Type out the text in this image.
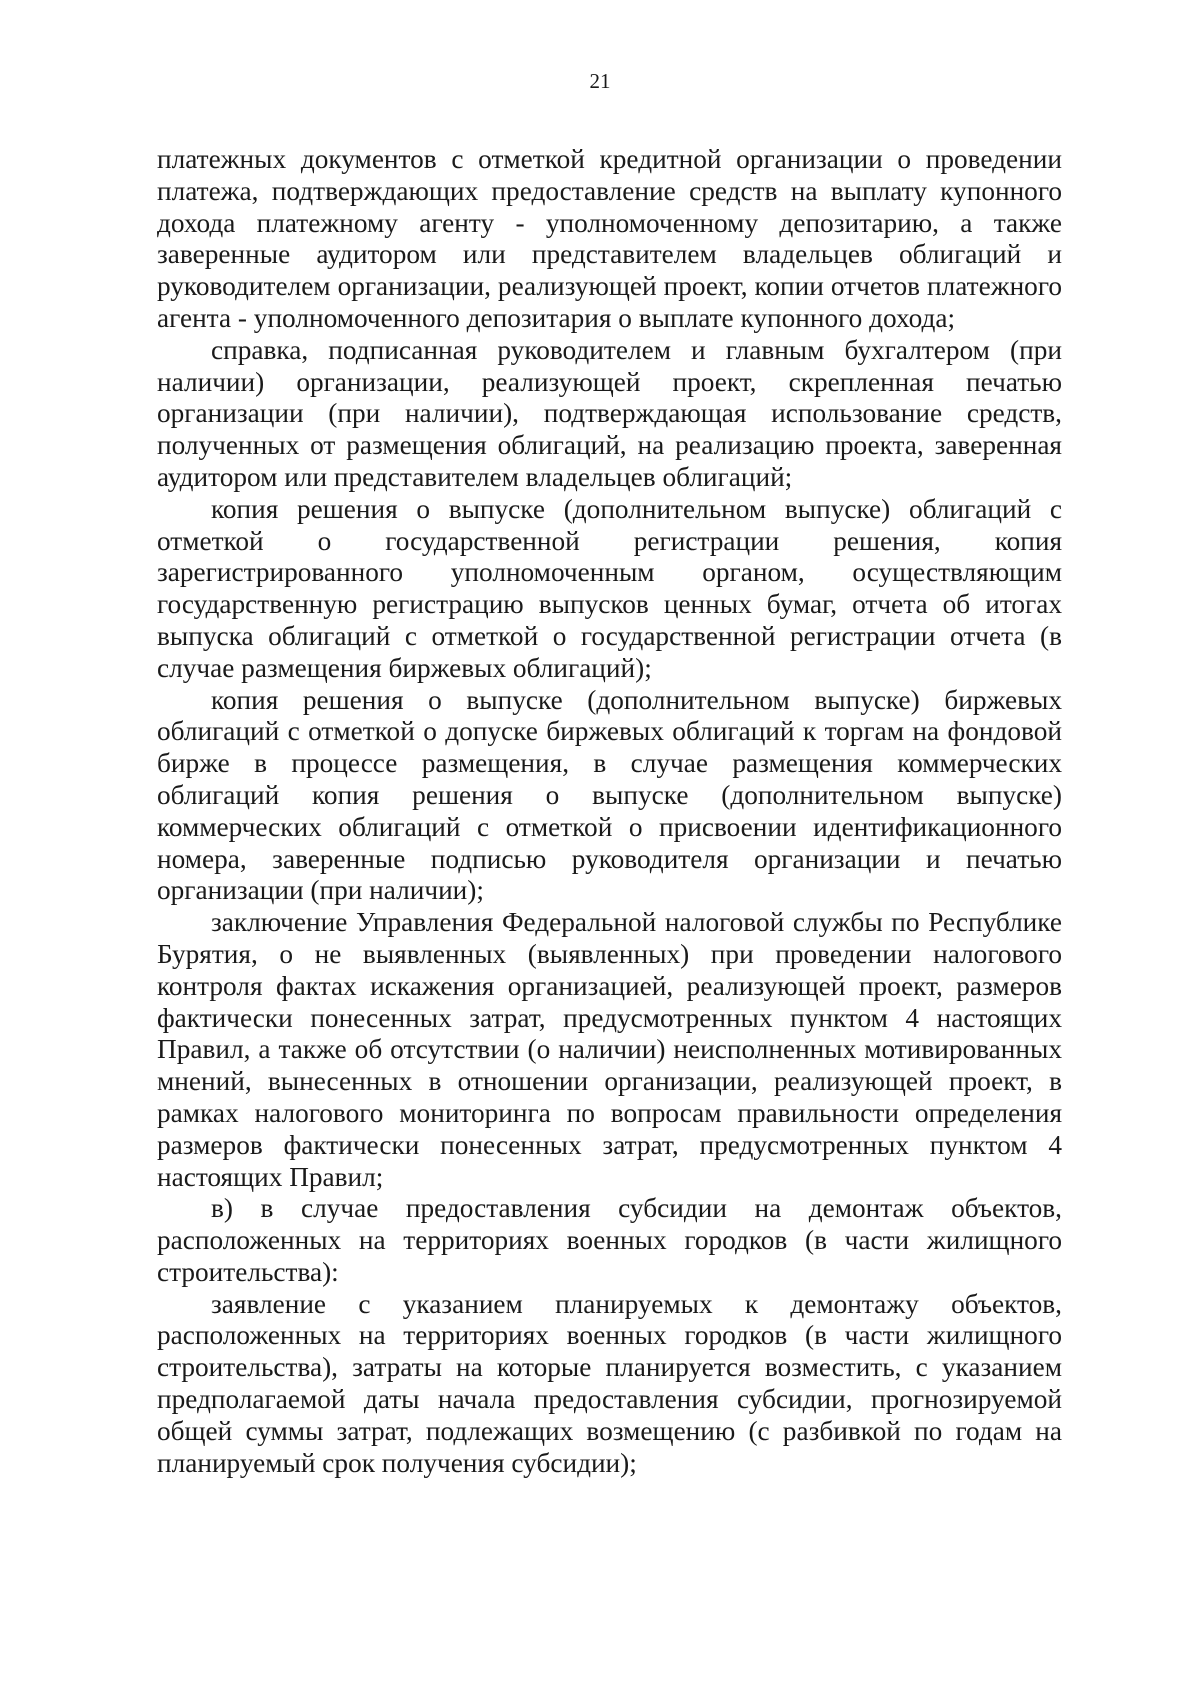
21

платежных документов с отметкой кредитной организации о проведении платежа, подтверждающих предоставление средств на выплату купонного дохода платежному агенту - уполномоченному депозитарию, а также заверенные аудитором или представителем владельцев облигаций и руководителем организации, реализующей проект, копии отчетов платежного агента - уполномоченного депозитария о выплате купонного дохода;

справка, подписанная руководителем и главным бухгалтером (при наличии) организации, реализующей проект, скрепленная печатью организации (при наличии), подтверждающая использование средств, полученных от размещения облигаций, на реализацию проекта, заверенная аудитором или представителем владельцев облигаций;

копия решения о выпуске (дополнительном выпуске) облигаций с отметкой о государственной регистрации решения, копия зарегистрированного уполномоченным органом, осуществляющим государственную регистрацию выпусков ценных бумаг, отчета об итогах выпуска облигаций с отметкой о государственной регистрации отчета (в случае размещения биржевых облигаций);

копия решения о выпуске (дополнительном выпуске) биржевых облигаций с отметкой о допуске биржевых облигаций к торгам на фондовой бирже в процессе размещения, в случае размещения коммерческих облигаций копия решения о выпуске (дополнительном выпуске) коммерческих облигаций с отметкой о присвоении идентификационного номера, заверенные подписью руководителя организации и печатью организации (при наличии);

заключение Управления Федеральной налоговой службы по Республике Бурятия, о не выявленных (выявленных) при проведении налогового контроля фактах искажения организацией, реализующей проект, размеров фактически понесенных затрат, предусмотренных пунктом 4 настоящих Правил, а также об отсутствии (о наличии) неисполненных мотивированных мнений, вынесенных в отношении организации, реализующей проект, в рамках налогового мониторинга по вопросам правильности определения размеров фактически понесенных затрат, предусмотренных пунктом 4 настоящих Правил;

в) в случае предоставления субсидии на демонтаж объектов, расположенных на территориях военных городков (в части жилищного строительства):

заявление с указанием планируемых к демонтажу объектов, расположенных на территориях военных городков (в части жилищного строительства), затраты на которые планируется возместить, с указанием предполагаемой даты начала предоставления субсидии, прогнозируемой общей суммы затрат, подлежащих возмещению (с разбивкой по годам на планируемый срок получения субсидии);
